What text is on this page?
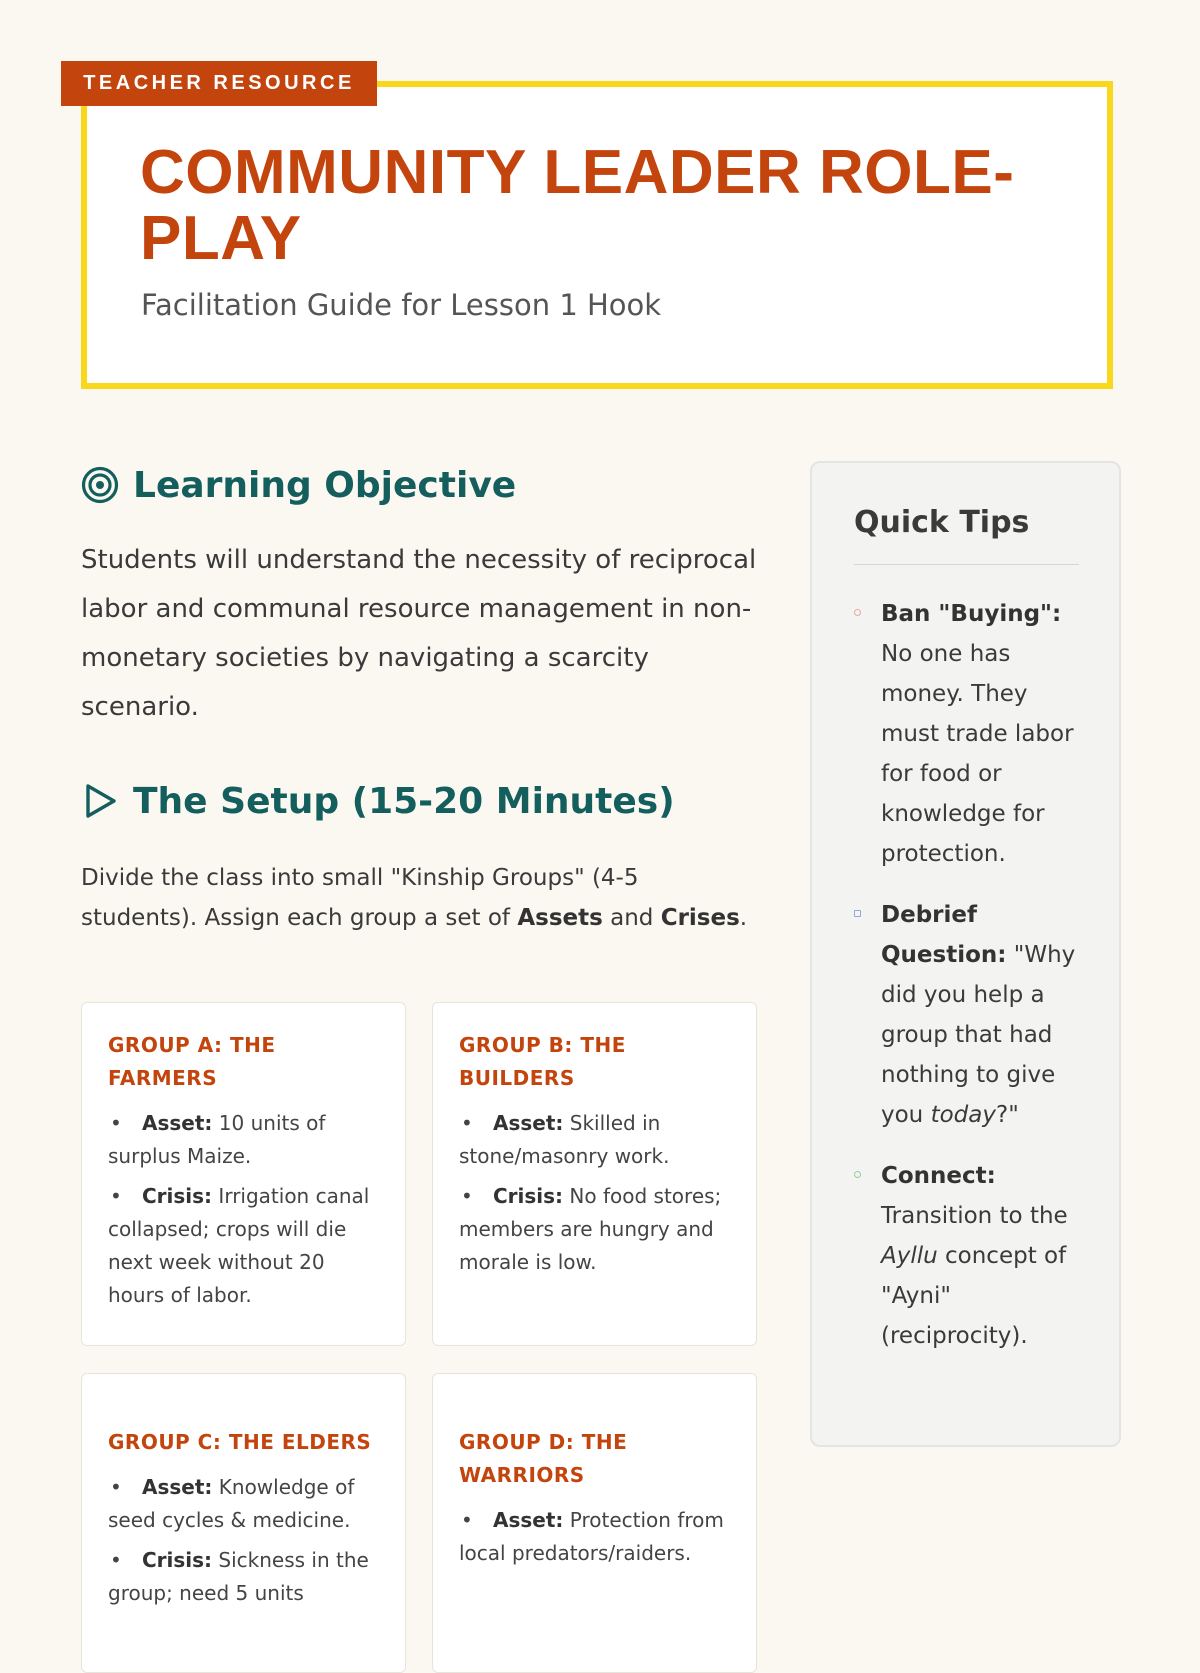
TEACHER RESOURCE
COMMUNITY LEADER ROLE-PLAY

Facilitation Guide for Lesson 1 Hook

Learning Objective

Students will understand the necessity of reciprocal labor and communal resource management in non-monetary societies by navigating a scarcity scenario.

The Setup (15-20 Minutes)

Divide the class into small "Kinship Groups" (4-5 students). Assign each group a set of Assets and Crises.

GROUP A: THE FARMERS
• Asset: 10 units of surplus Maize.
• Crisis: Irrigation canal collapsed; crops will die next week without 20 hours of labor.
GROUP B: THE BUILDERS
• Asset: Skilled in stone/masonry work.
• Crisis: No food stores; members are hungry and morale is low.
GROUP C: THE ELDERS
• Asset: Knowledge of seed cycles & medicine.
• Crisis: Sickness in the group; need 5 units
GROUP D: THE WARRIORS
• Asset: Protection from local predators/raiders.
Quick Tips
Ban "Buying": No one has money. They must trade labor for food or knowledge for protection.
Debrief Question: "Why did you help a group that had nothing to give you today?"
Connect: Transition to the Ayllu concept of "Ayni" (reciprocity).
